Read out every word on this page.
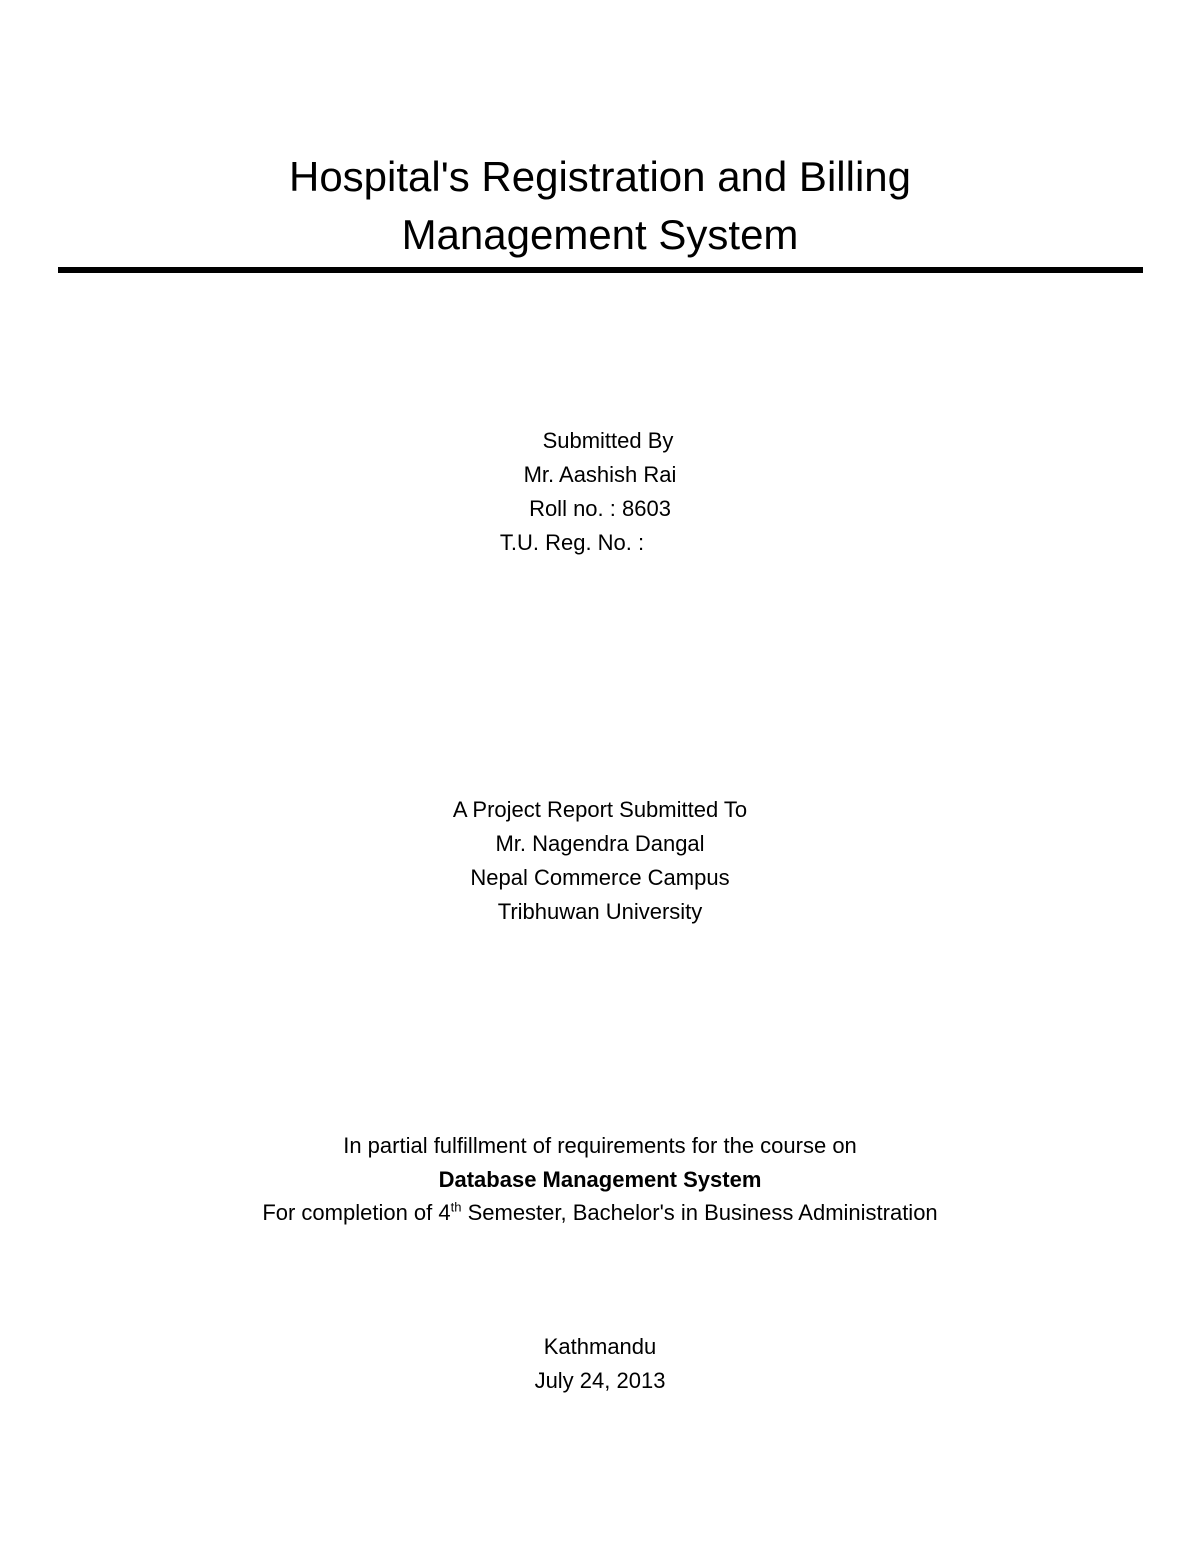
Hospital's Registration and Billing
Management System
Submitted By
Mr. Aashish Rai
Roll no. : 8603
T.U. Reg. No. :
A Project Report Submitted To
Mr. Nagendra Dangal
Nepal Commerce Campus
Tribhuwan University
In partial fulfillment of requirements for the course on
Database Management System
For completion of 4th Semester, Bachelor's in Business Administration
Kathmandu
July 24, 2013
